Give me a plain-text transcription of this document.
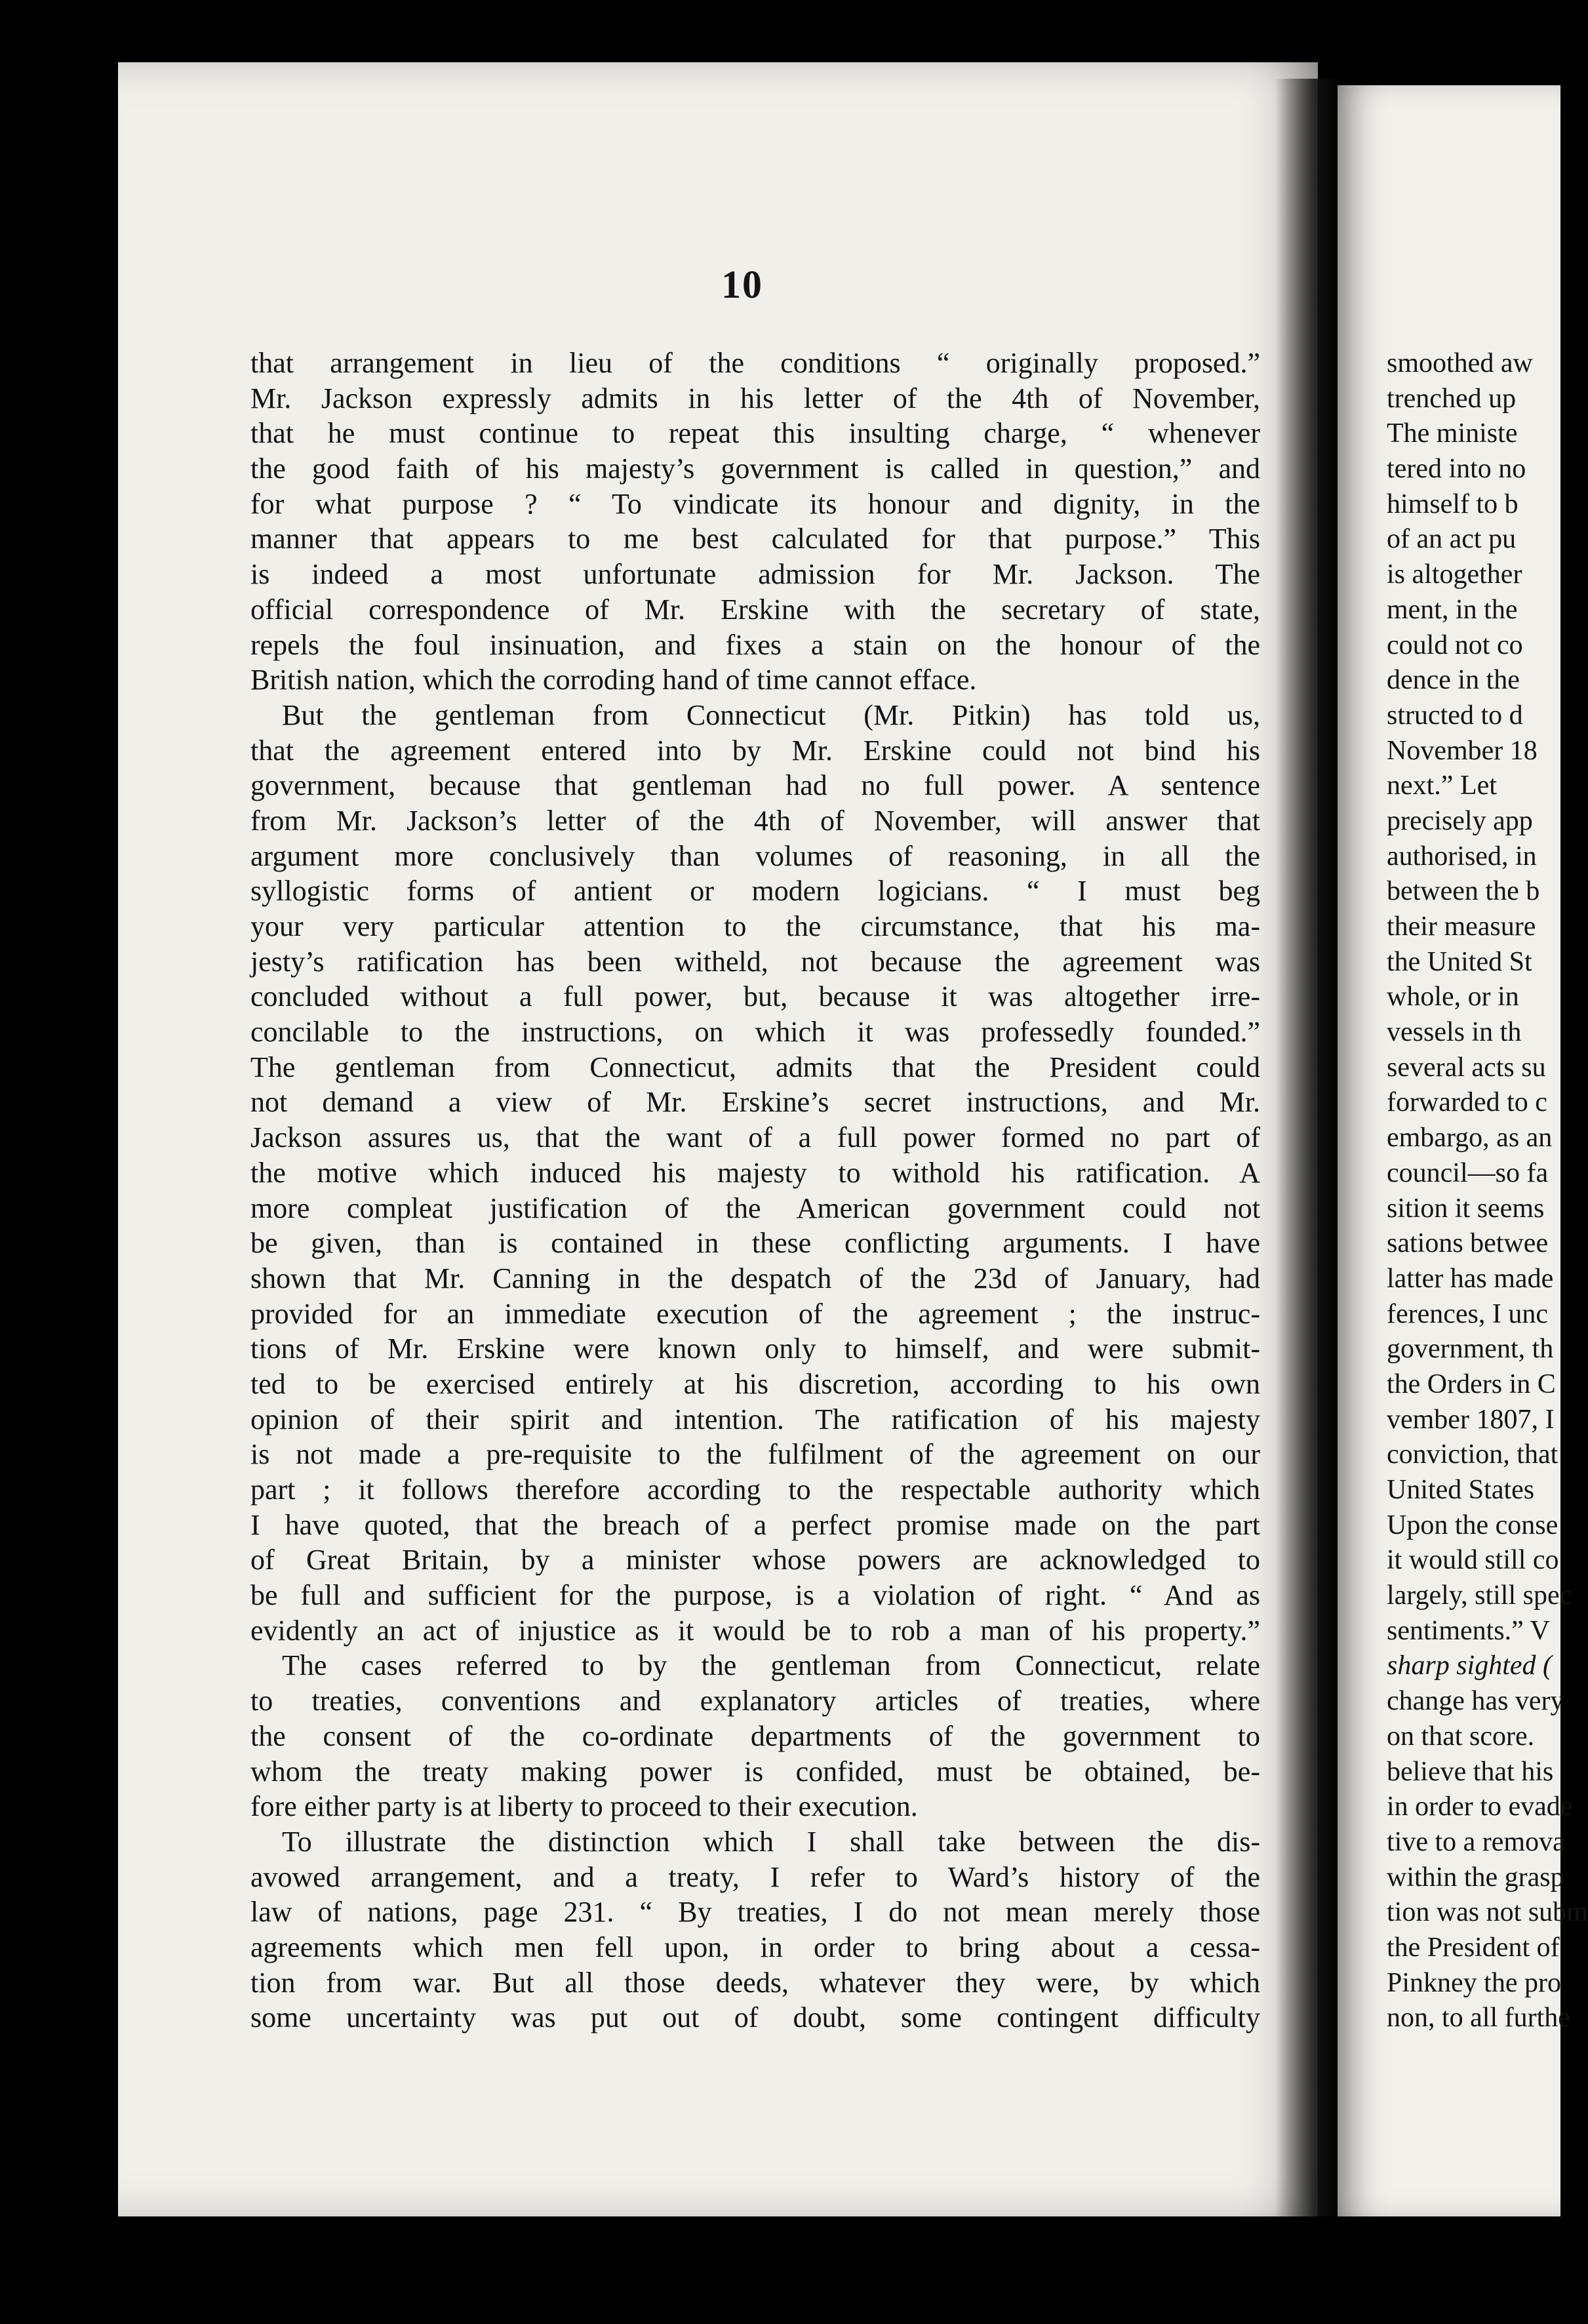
10
that arrangement in lieu of the conditions “ originally proposed.”
Mr. Jackson expressly admits in his letter of the 4th of November,
that he must continue to repeat this insulting charge, “ whenever
the good faith of his majesty’s government is called in question,” and
for what purpose ? “ To vindicate its honour and dignity, in the
manner that appears to me best calculated for that purpose.” This
is indeed a most unfortunate admission for Mr. Jackson. The
official correspondence of Mr. Erskine with the secretary of state,
repels the foul insinuation, and fixes a stain on the honour of the
British nation, which the corroding hand of time cannot efface.
But the gentleman from Connecticut (Mr. Pitkin) has told us,
that the agreement entered into by Mr. Erskine could not bind his
government, because that gentleman had no full power. A sentence
from Mr. Jackson’s letter of the 4th of November, will answer that
argument more conclusively than volumes of reasoning, in all the
syllogistic forms of antient or modern logicians. “ I must beg
your very particular attention to the circumstance, that his ma-
jesty’s ratification has been witheld, not because the agreement was
concluded without a full power, but, because it was altogether irre-
concilable to the instructions, on which it was professedly founded.”
The gentleman from Connecticut, admits that the President could
not demand a view of Mr. Erskine’s secret instructions, and Mr.
Jackson assures us, that the want of a full power formed no part of
the motive which induced his majesty to withold his ratification. A
more compleat justification of the American government could not
be given, than is contained in these conflicting arguments. I have
shown that Mr. Canning in the despatch of the 23d of January, had
provided for an immediate execution of the agreement ; the instruc-
tions of Mr. Erskine were known only to himself, and were submit-
ted to be exercised entirely at his discretion, according to his own
opinion of their spirit and intention. The ratification of his majesty
is not made a pre-requisite to the fulfilment of the agreement on our
part ; it follows therefore according to the respectable authority which
I have quoted, that the breach of a perfect promise made on the part
of Great Britain, by a minister whose powers are acknowledged to
be full and sufficient for the purpose, is a violation of right. “ And as
evidently an act of injustice as it would be to rob a man of his property.”
The cases referred to by the gentleman from Connecticut, relate
to treaties, conventions and explanatory articles of treaties, where
the consent of the co-ordinate departments of the government to
whom the treaty making power is confided, must be obtained, be-
fore either party is at liberty to proceed to their execution.
To illustrate the distinction which I shall take between the dis-
avowed arrangement, and a treaty, I refer to Ward’s history of the
law of nations, page 231. “ By treaties, I do not mean merely those
agreements which men fell upon, in order to bring about a cessa-
tion from war. But all those deeds, whatever they were, by which
some uncertainty was put out of doubt, some contingent difficulty
smoothed aw
trenched up
The ministe
tered into no
himself to b
of an act pu
is altogether
ment, in the
could not co
dence in the
structed to d
November 18
next.” Let
precisely app
authorised, in
between the b
their measure
the United St
whole, or in
vessels in th
several acts su
forwarded to c
embargo, as an
council—so fa
sition it seems
sations betwee
latter has made
ferences, I unc
government, th
the Orders in C
vember 1807, I
conviction, that
United States
Upon the conse
it would still co
largely, still spec
sentiments.” V
sharp sighted (
change has very
on that score.
believe that his
in order to evade
tive to a remova
within the grasp
tion was not subm
the President of
Pinkney the pro
non, to all furthe
